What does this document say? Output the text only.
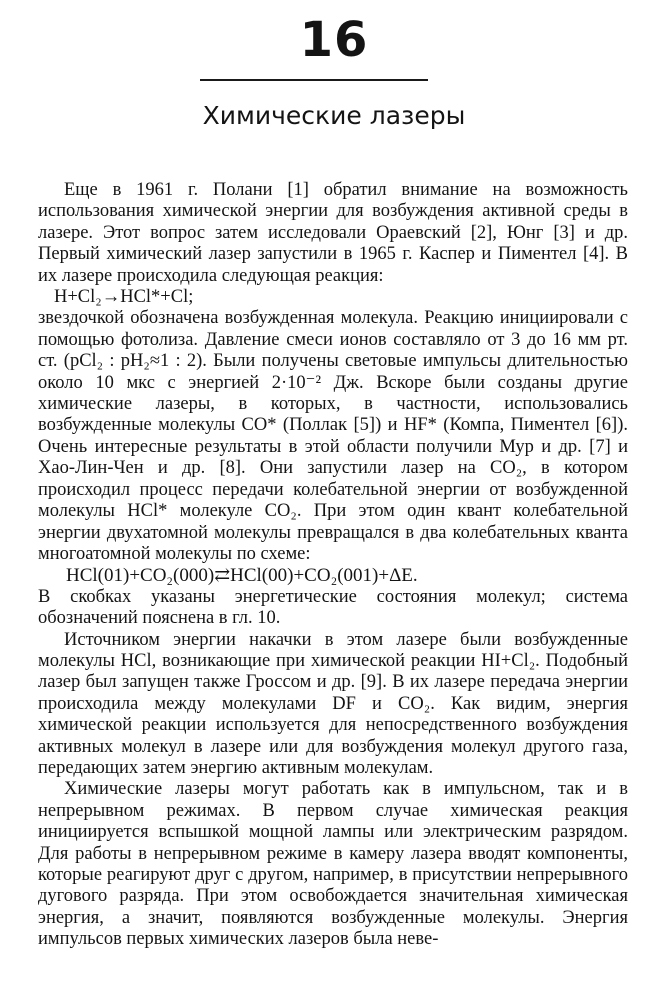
16
Химические лазеры

Еще в 1961 г. Полани [1] обратил внимание на возможность использования химической энергии для возбуждения активной среды в лазере. Этот вопрос затем исследовали Ораевский [2], Юнг [3] и др. Первый химический лазер запустили в 1965 г. Каспер и Пиментел [4]. В их лазере происходила следующая реакция:

H+Cl₂→HCl*+Cl;

звездочкой обозначена возбужденная молекула. Реакцию инициировали с помощью фотолиза. Давление смеси ионов составляло от 3 до 16 мм рт. ст. (pCl₂ : pH₂≈1 : 2). Были получены световые импульсы длительностью около 10 мкс с энергией 2·10⁻² Дж. Вскоре были созданы другие химические лазеры, в которых, в частности, использовались возбужденные молекулы CO* (Поллак [5]) и HF* (Компа, Пиментел [6]). Очень интересные результаты в этой области получили Мур и др. [7] и Хао-Лин-Чен и др. [8]. Они запустили лазер на CO₂, в котором происходил процесс передачи колебательной энергии от возбужденной молекулы HCl* молекуле CO₂. При этом один квант колебательной энергии двухатомной молекулы превращался в два колебательных кванта многоатомной молекулы по схеме:

HCl(01)+CO₂(000)⇄HCl(00)+CO₂(001)+ΔE.

В скобках указаны энергетические состояния молекул; система обозначений пояснена в гл. 10.

Источником энергии накачки в этом лазере были возбужденные молекулы HCl, возникающие при химической реакции HI+Cl₂. Подобный лазер был запущен также Гроссом и др. [9]. В их лазере передача энергии происходила между молекулами DF и CO₂. Как видим, энергия химической реакции используется для непосредственного возбуждения активных молекул в лазере или для возбуждения молекул другого газа, передающих затем энергию активным молекулам.

Химические лазеры могут работать как в импульсном, так и в непрерывном режимах. В первом случае химическая реакция инициируется вспышкой мощной лампы или электрическим разрядом. Для работы в непрерывном режиме в камеру лазера вводят компоненты, которые реагируют друг с другом, например, в присутствии непрерывного дугового разряда. При этом освобождается значительная химическая энергия, а значит, появляются возбужденные молекулы. Энергия импульсов первых химических лазеров была неве-
